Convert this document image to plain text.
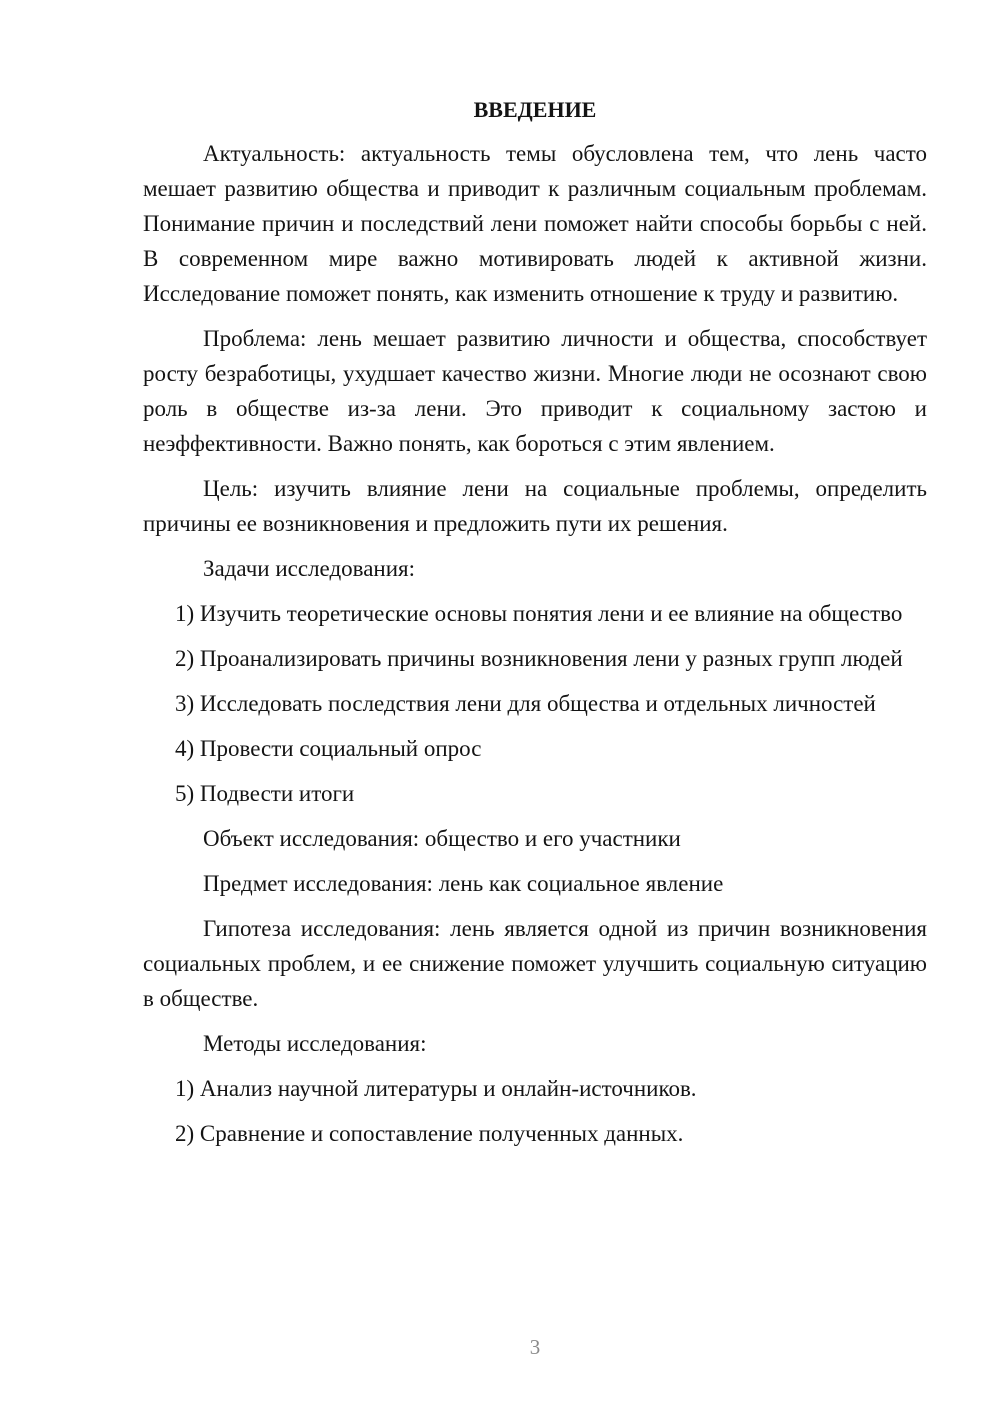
ВВЕДЕНИЕ

Актуальность: актуальность темы обусловлена тем, что лень часто мешает развитию общества и приводит к различным социальным проблемам. Понимание причин и последствий лени поможет найти способы борьбы с ней. В современном мире важно мотивировать людей к активной жизни. Исследование поможет понять, как изменить отношение к труду и развитию.

Проблема: лень мешает развитию личности и общества, способствует росту безработицы, ухудшает качество жизни. Многие люди не осознают свою роль в обществе из-за лени. Это приводит к социальному застою и неэффективности. Важно понять, как бороться с этим явлением.

Цель: изучить влияние лени на социальные проблемы, определить причины ее возникновения и предложить пути их решения.

Задачи исследования:

1) Изучить теоретические основы понятия лени и ее влияние на общество

2) Проанализировать причины возникновения лени у разных групп людей

3) Исследовать последствия лени для общества и отдельных личностей

4) Провести социальный опрос

5) Подвести итоги

Объект исследования: общество и его участники

Предмет исследования: лень как социальное явление

Гипотеза исследования: лень является одной из причин возникновения социальных проблем, и ее снижение поможет улучшить социальную ситуацию в обществе.

Методы исследования:

1) Анализ научной литературы и онлайн-источников.

2) Сравнение и сопоставление полученных данных.

3
